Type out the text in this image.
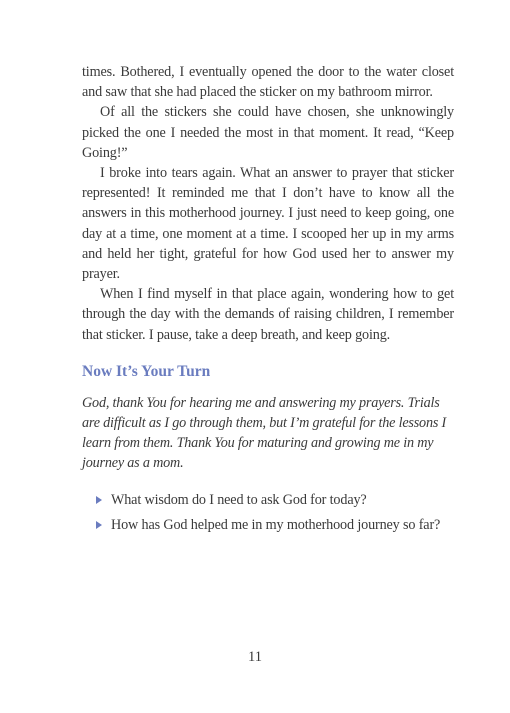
times. Bothered, I eventually opened the door to the water closet and saw that she had placed the sticker on my bathroom mirror.

Of all the stickers she could have chosen, she unknowingly picked the one I needed the most in that moment. It read, “Keep Going!”

I broke into tears again. What an answer to prayer that sticker represented! It reminded me that I don’t have to know all the answers in this motherhood journey. I just need to keep going, one day at a time, one moment at a time. I scooped her up in my arms and held her tight, grateful for how God used her to answer my prayer.

When I find myself in that place again, wondering how to get through the day with the demands of raising children, I remember that sticker. I pause, take a deep breath, and keep going.

Now It’s Your Turn

God, thank You for hearing me and answering my prayers. Trials are difficult as I go through them, but I’m grateful for the lessons I learn from them. Thank You for maturing and growing me in my journey as a mom.

What wisdom do I need to ask God for today?
How has God helped me in my motherhood journey so far?
11
